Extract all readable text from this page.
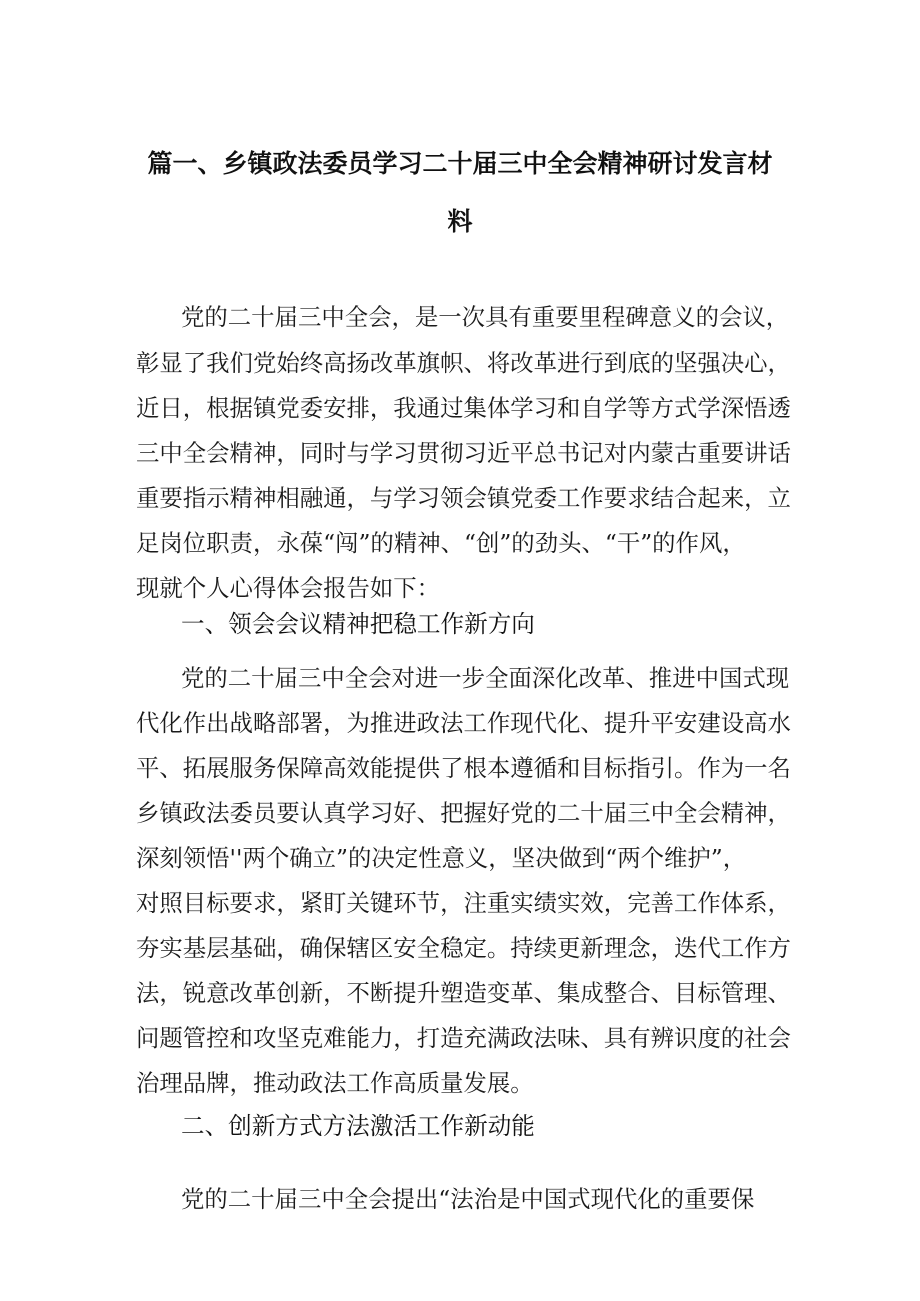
篇一、乡镇政法委员学习二十届三中全会精神研讨发言材
料
党的二十届三中全会，是一次具有重要里程碑意义的会议，
彰显了我们党始终高扬改革旗帜、将改革进行到底的坚强决心，
近日，根据镇党委安排，我通过集体学习和自学等方式学深悟透
三中全会精神，同时与学习贯彻习近平总书记对内蒙古重要讲话
重要指示精神相融通，与学习领会镇党委工作要求结合起来，立
足岗位职责，永葆“闯”的精神、“创”的劲头、“干”的作风，
现就个人心得体会报告如下：
一、领会会议精神把稳工作新方向
党的二十届三中全会对进一步全面深化改革、推进中国式现
代化作出战略部署，为推进政法工作现代化、提升平安建设高水
平、拓展服务保障高效能提供了根本遵循和目标指引。作为一名
乡镇政法委员要认真学习好、把握好党的二十届三中全会精神，
深刻领悟''两个确立”的决定性意义，坚决做到“两个维护”，
对照目标要求，紧盯关键环节，注重实绩实效，完善工作体系，
夯实基层基础，确保辖区安全稳定。持续更新理念，迭代工作方
法，锐意改革创新，不断提升塑造变革、集成整合、目标管理、
问题管控和攻坚克难能力，打造充满政法味、具有辨识度的社会
治理品牌，推动政法工作高质量发展。
二、创新方式方法激活工作新动能
党的二十届三中全会提出“法治是中国式现代化的重要保
